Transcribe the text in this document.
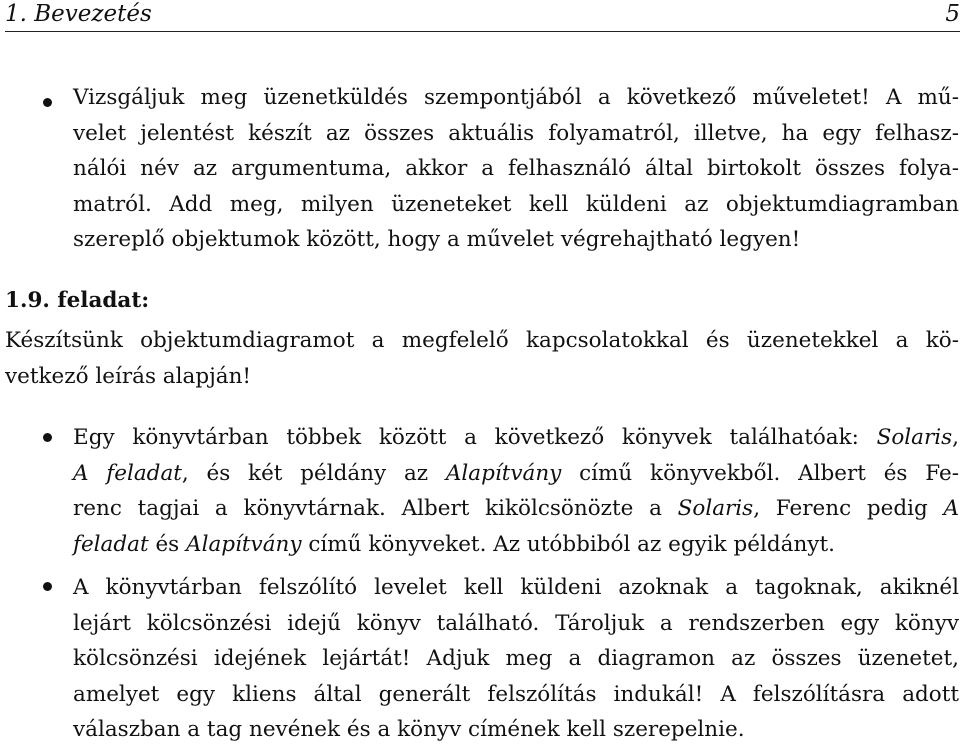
1. Bevezetés	5
Vizsgáljuk meg üzenetküldés szempontjából a következő műveletet! A mű-
velet jelentést készít az összes aktuális folyamatról, illetve, ha egy felhasz-
nálói név az argumentuma, akkor a felhasználó által birtokolt összes folya-
matról. Add meg, milyen üzeneteket kell küldeni az objektumdiagramban
szereplő objektumok között, hogy a művelet végrehajtható legyen!
1.9. feladat:
Készítsünk objektumdiagramot a megfelelő kapcsolatokkal és üzenetekkel a kö-
vetkező leírás alapján!
Egy könyvtárban többek között a következő könyvek találhatóak: Solaris,
A feladat, és két példány az Alapítvány című könyvekből. Albert és Fe-
renc tagjai a könyvtárnak. Albert kikölcsönözte a Solaris, Ferenc pedig A
feladat és Alapítvány című könyveket. Az utóbbiból az egyik példányt.
A könyvtárban felszólító levelet kell küldeni azoknak a tagoknak, akiknél
lejárt kölcsönzési idejű könyv található. Tároljuk a rendszerben egy könyv
kölcsönzési idejének lejártát! Adjuk meg a diagramon az összes üzenetet,
amelyet egy kliens által generált felszólítás indukál! A felszólításra adott
válaszban a tag nevének és a könyv címének kell szerepelnie.
